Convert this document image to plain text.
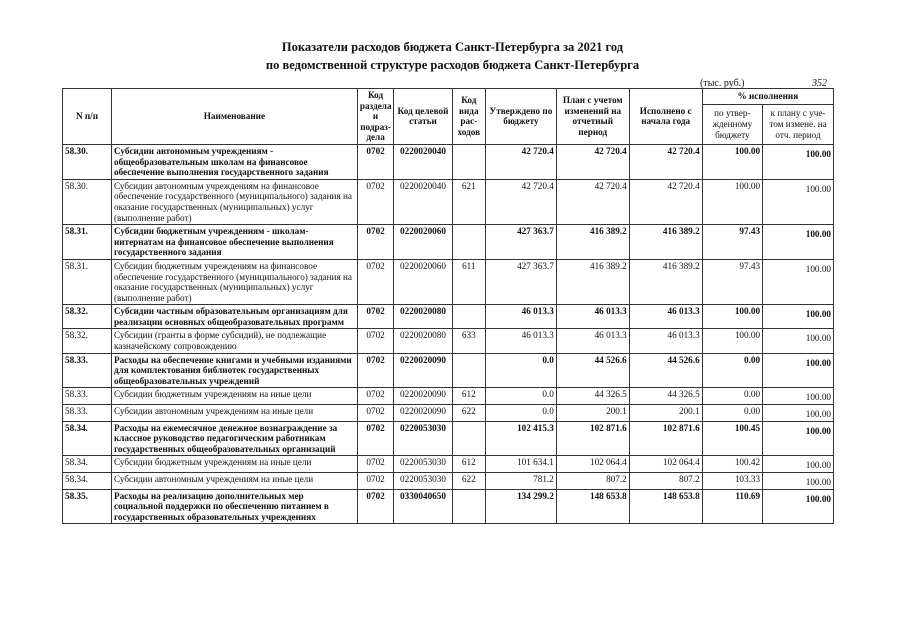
Показатели расходов бюджета Санкт-Петербурга за 2021 год
по ведомственной структуре расходов бюджета Санкт-Петербурга
(тыс. руб.)	352
N п/п	Наименование	Код раздела и подраз-дела	Код целевой статьи	Код вида рас-ходов	Утверждено по бюджету	План с учетом изменений на отчетный период	Исполнено с начала года	% исполнения	
								по утвер-жденному бюджету	к плану с уче-том измене. на отч. период
58.30.	Субсидии автономным учреждениям - общеобразовательным школам на финансовое обеспечение выполнения государственного задания	0702	0220020040		42 720.4	42 720.4	42 720.4	100.00	100.00
58.30.	Субсидии автономным учреждениям на финансовое обеспечение государственного (муниципального) задания на оказание государственных (муниципальных) услуг (выполнение работ)	0702	0220020040	621	42 720.4	42 720.4	42 720.4	100.00	100.00
58.31.	Субсидии бюджетным учреждениям - школам-интернатам на финансовое обеспечение выполнения государственного задания	0702	0220020060		427 363.7	416 389.2	416 389.2	97.43	100.00
58.31.	Субсидии бюджетным учреждениям на финансовое обеспечение государственного (муниципального) задания на оказание государственных (муниципальных) услуг (выполнение работ)	0702	0220020060	611	427 363.7	416 389.2	416 389.2	97.43	100.00
58.32.	Субсидии частным образовательным организациям для реализации основных общеобразовательных программ	0702	0220020080		46 013.3	46 013.3	46 013.3	100.00	100.00
58.32.	Субсидии (гранты в форме субсидий), не подлежащие казначейскому сопровождению	0702	0220020080	633	46 013.3	46 013.3	46 013.3	100.00	100.00
58.33.	Расходы на обеспечение книгами и учебными изданиями для комплектования библиотек государственных общеобразовательных учреждений	0702	0220020090		0.0	44 526.6	44 526.6	0.00	100.00
58.33.	Субсидии бюджетным учреждениям на иные цели	0702	0220020090	612	0.0	44 326.5	44 326.5	0.00	100.00
58.33.	Субсидии автономным учреждениям на иные цели	0702	0220020090	622	0.0	200.1	200.1	0.00	100.00
58.34.	Расходы на ежемесячное денежное вознаграждение за классное руководство педагогическим работникам государственных общеобразовательных организаций	0702	0220053030		102 415.3	102 871.6	102 871.6	100.45	100.00
58.34.	Субсидии бюджетным учреждениям на иные цели	0702	0220053030	612	101 634.1	102 064.4	102 064.4	100.42	100.00
58.34.	Субсидии автономным учреждениям на иные цели	0702	0220053030	622	781.2	807.2	807.2	103.33	100.00
58.35.	Расходы на реализацию дополнительных мер социальной поддержки по обеспечению питанием в государственных образовательных учреждениях	0702	0330040650		134 299.2	148 653.8	148 653.8	110.69	100.00
